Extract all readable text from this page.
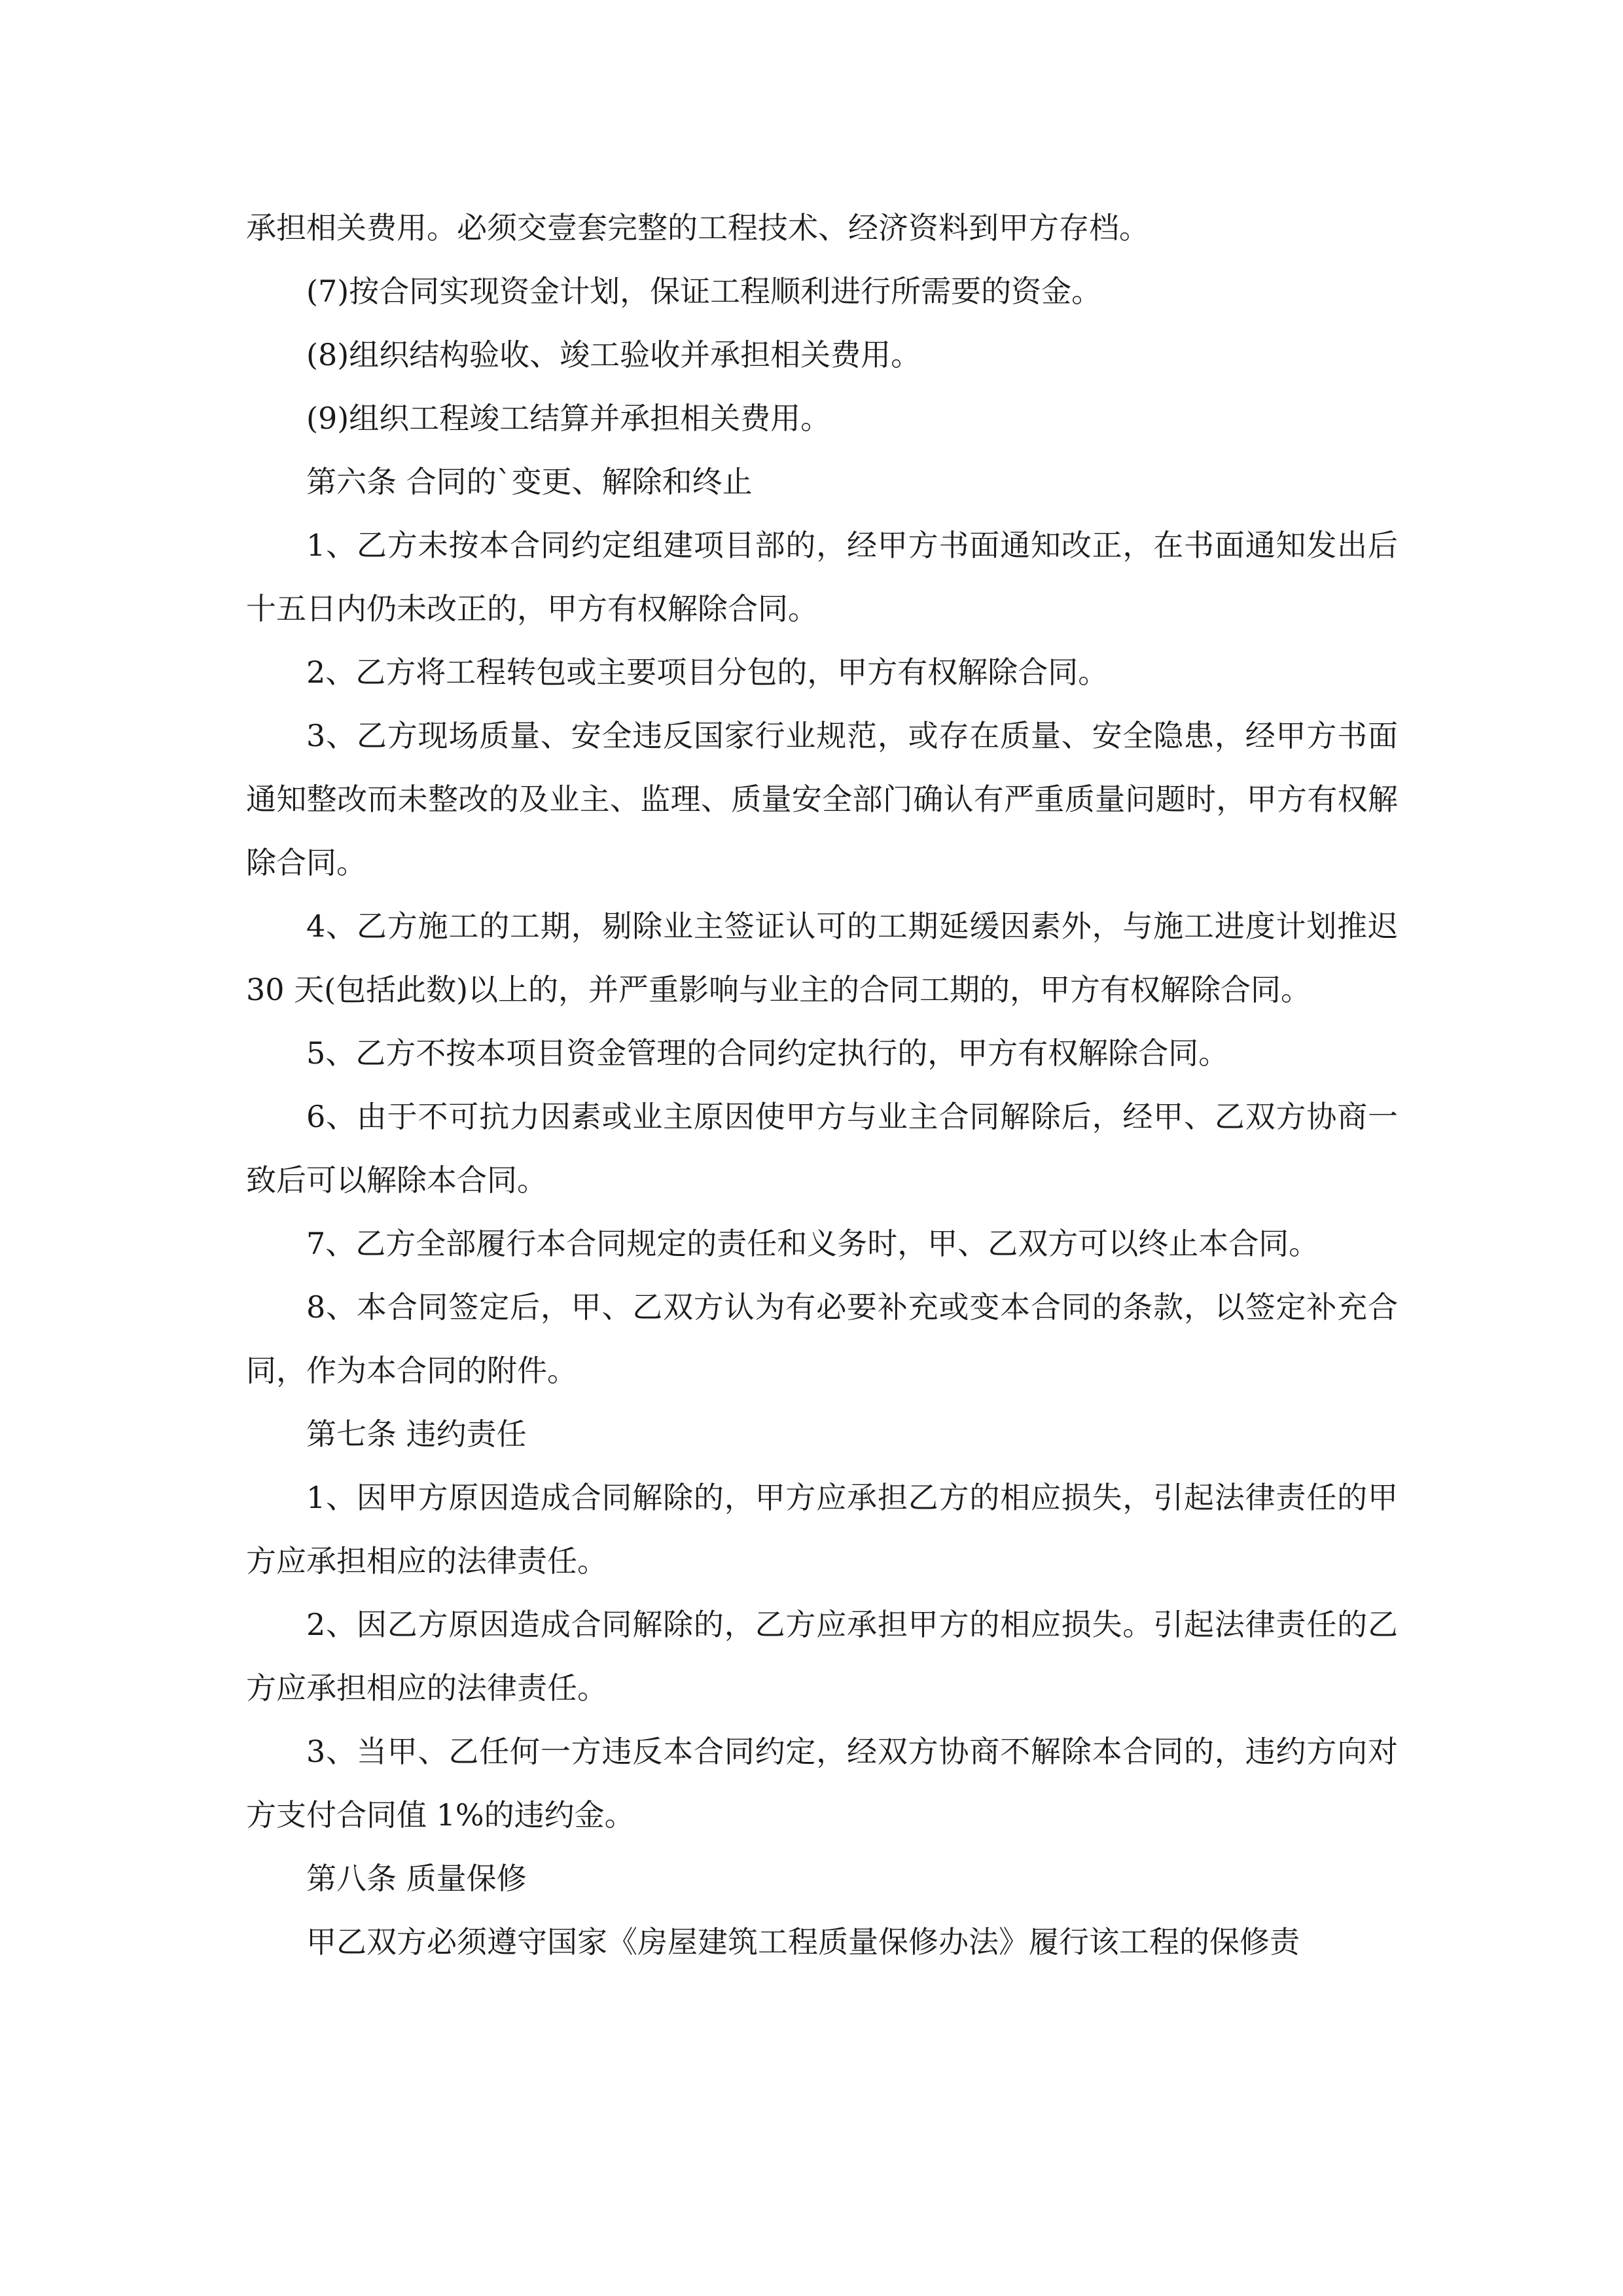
承担相关费用。必须交壹套完整的工程技术、经济资料到甲方存档。

(7)按合同实现资金计划，保证工程顺利进行所需要的资金。

(8)组织结构验收、竣工验收并承担相关费用。

(9)组织工程竣工结算并承担相关费用。

第六条 合同的`变更、解除和终止

1、乙方未按本合同约定组建项目部的，经甲方书面通知改正，在书面通知发出后十五日内仍未改正的，甲方有权解除合同。

2、乙方将工程转包或主要项目分包的，甲方有权解除合同。

3、乙方现场质量、安全违反国家行业规范，或存在质量、安全隐患，经甲方书面通知整改而未整改的及业主、监理、质量安全部门确认有严重质量问题时，甲方有权解除合同。

4、乙方施工的工期，剔除业主签证认可的工期延缓因素外，与施工进度计划推迟 30 天(包括此数)以上的，并严重影响与业主的合同工期的，甲方有权解除合同。

5、乙方不按本项目资金管理的合同约定执行的，甲方有权解除合同。

6、由于不可抗力因素或业主原因使甲方与业主合同解除后，经甲、乙双方协商一致后可以解除本合同。

7、乙方全部履行本合同规定的责任和义务时，甲、乙双方可以终止本合同。

8、本合同签定后，甲、乙双方认为有必要补充或变本合同的条款，以签定补充合同，作为本合同的附件。

第七条 违约责任

1、因甲方原因造成合同解除的，甲方应承担乙方的相应损失，引起法律责任的甲方应承担相应的法律责任。

2、因乙方原因造成合同解除的，乙方应承担甲方的相应损失。引起法律责任的乙方应承担相应的法律责任。

3、当甲、乙任何一方违反本合同约定，经双方协商不解除本合同的，违约方向对方支付合同值 1%的违约金。

第八条 质量保修

甲乙双方必须遵守国家《房屋建筑工程质量保修办法》履行该工程的保修责
